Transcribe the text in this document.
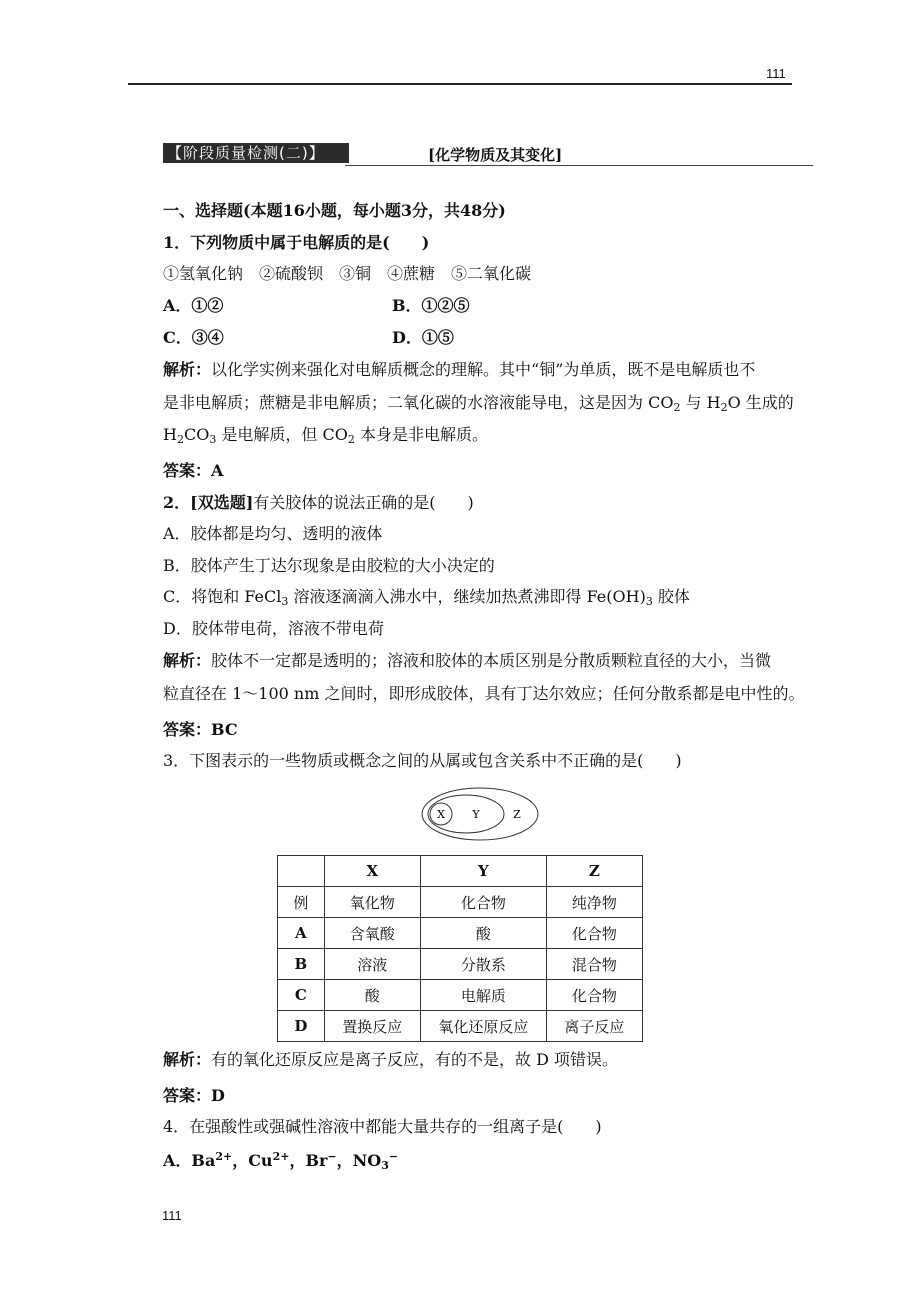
111
【阶段质量检测(二)】	[化学物质及其变化]
一、选择题(本题16小题，每小题3分，共48分)
1．下列物质中属于电解质的是(　　)
①氢氧化钠　②硫酸钡　③铜　④蔗糖　⑤二氧化碳
A．①②	B．①②⑤
C．③④	D．①⑤
解析：以化学实例来强化对电解质概念的理解。其中“铜”为单质，既不是电解质也不
是非电解质；蔗糖是非电解质；二氧化碳的水溶液能导电，这是因为 $CO_2$ 与 $H_2O$ 生成的
$H_2CO_3$ 是电解质，但 $CO_2$ 本身是非电解质。
答案：A
2．[双选题]有关胶体的说法正确的是(　　)
A．胶体都是均匀、透明的液体
B．胶体产生丁达尔现象是由胶粒的大小决定的
C．将饱和 FeCl$_3$ 溶液逐滴滴入沸水中，继续加热煮沸即得 $Fe(OH)_3$ 胶体
D．胶体带电荷，溶液不带电荷
解析：胶体不一定都是透明的；溶液和胶体的本质区别是分散质颗粒直径的大小，当微
粒直径在 1～100 nm 之间时，即形成胶体，具有丁达尔效应；任何分散系都是电中性的。
答案：BC
3．下图表示的一些物质或概念之间的从属或包含关系中不正确的是(　　)
X Y	Z
	X	Y	Z
例	氧化物	化合物	纯净物
A	含氧酸	酸	化合物
B	溶液	分散系	混合物
C	酸	电解质	化合物
D	置换反应	氧化还原反应	离子反应
解析：有的氧化还原反应是离子反应，有的不是，故 D 项错误。
答案：D
4．在强酸性或强碱性溶液中都能大量共存的一组离子是(　　)
A．$Ba^{2+}$，$Cu^{2+}$，Br−，$NO_3^-$
111
